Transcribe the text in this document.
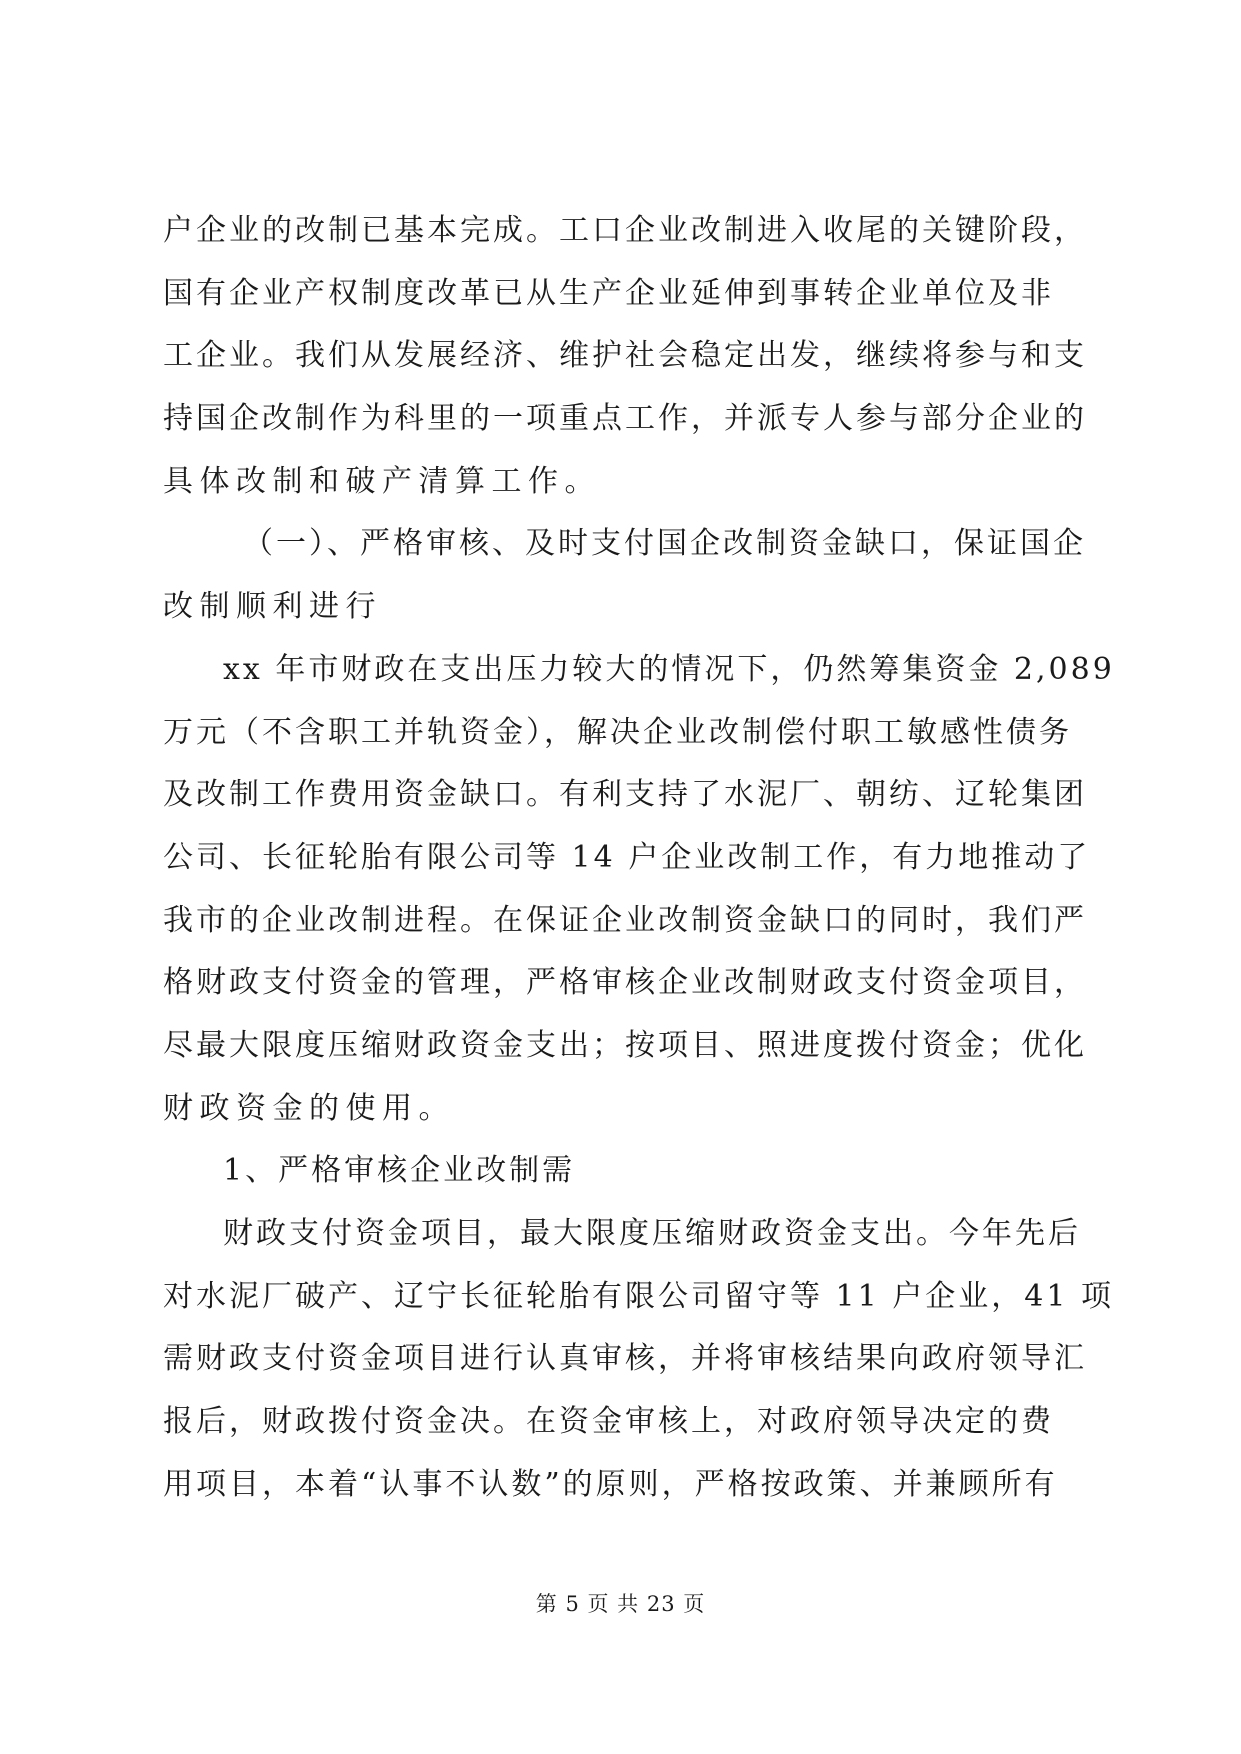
户企业的改制已基本完成。工口企业改制进入收尾的关键阶段，
国有企业产权制度改革已从生产企业延伸到事转企业单位及非
工企业。我们从发展经济、维护社会稳定出发，继续将参与和支
持国企改制作为科里的一项重点工作，并派专人参与部分企业的
具体改制和破产清算工作。
（一）、严格审核、及时支付国企改制资金缺口，保证国企
改制顺利进行
xx 年市财政在支出压力较大的情况下，仍然筹集资金 2,089
万元（不含职工并轨资金），解决企业改制偿付职工敏感性债务
及改制工作费用资金缺口。有利支持了水泥厂、朝纺、辽轮集团
公司、长征轮胎有限公司等 14 户企业改制工作，有力地推动了
我市的企业改制进程。在保证企业改制资金缺口的同时，我们严
格财政支付资金的管理，严格审核企业改制财政支付资金项目，
尽最大限度压缩财政资金支出；按项目、照进度拨付资金；优化
财政资金的使用。
1、严格审核企业改制需
财政支付资金项目，最大限度压缩财政资金支出。今年先后
对水泥厂破产、辽宁长征轮胎有限公司留守等 11 户企业，41 项
需财政支付资金项目进行认真审核，并将审核结果向政府领导汇
报后，财政拨付资金决。在资金审核上，对政府领导决定的费
用项目，本着“认事不认数”的原则，严格按政策、并兼顾所有
第 5 页 共 23 页
